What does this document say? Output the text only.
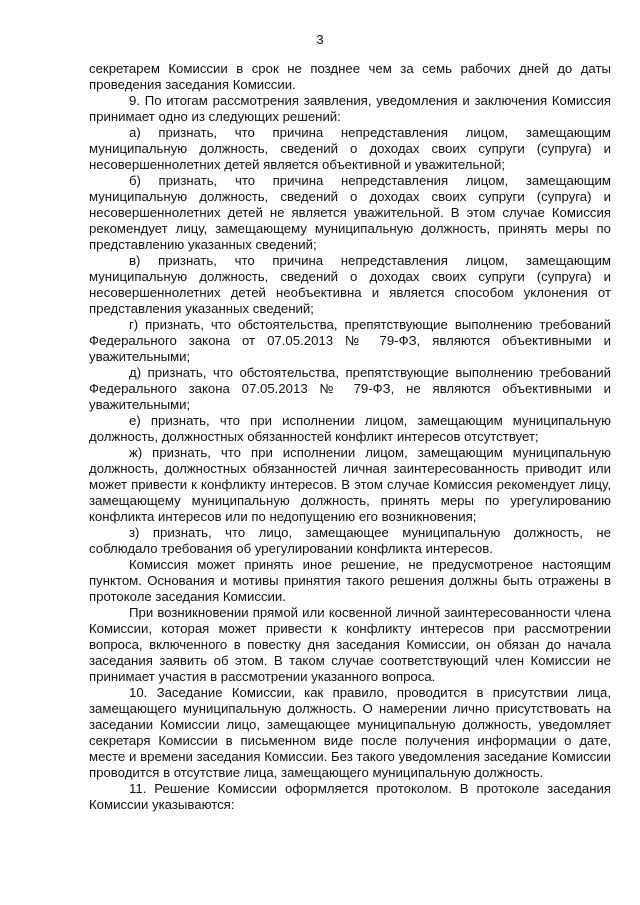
3

секретарем Комиссии в срок не позднее чем за семь рабочих дней до даты проведения заседания Комиссии.

9. По итогам рассмотрения заявления, уведомления и заключения Комиссия принимает одно из следующих решений:

а) признать, что причина непредставления лицом, замещающим муниципальную должность, сведений о доходах своих супруги (супруга) и несовершеннолетних детей является объективной и уважительной;

б) признать, что причина непредставления лицом, замещающим муниципальную должность, сведений о доходах своих супруги (супруга) и несовершеннолетних детей не является уважительной. В этом случае Комиссия рекомендует лицу, замещающему муниципальную должность, принять меры по представлению указанных сведений;

в) признать, что причина непредставления лицом, замещающим муниципальную должность, сведений о доходах своих супруги (супруга) и несовершеннолетних детей необъективна и является способом уклонения от представления указанных сведений;

г) признать, что обстоятельства, препятствующие выполнению требований Федерального закона от 07.05.2013 № 79-ФЗ, являются объективными и уважительными;

д) признать, что обстоятельства, препятствующие выполнению требований Федерального закона 07.05.2013 № 79-ФЗ, не являются объективными и уважительными;

е) признать, что при исполнении лицом, замещающим муниципальную должность, должностных обязанностей конфликт интересов отсутствует;

ж) признать, что при исполнении лицом, замещающим муниципальную должность, должностных обязанностей личная заинтересованность приводит или может привести к конфликту интересов. В этом случае Комиссия рекомендует лицу, замещающему муниципальную должность, принять меры по урегулированию конфликта интересов или по недопущению его возникновения;

з) признать, что лицо, замещающее муниципальную должность, не соблюдало требования об урегулировании конфликта интересов.

Комиссия может принять иное решение, не предусмотреное настоящим пунктом. Основания и мотивы принятия такого решения должны быть отражены в протоколе заседания Комиссии.

При возникновении прямой или косвенной личной заинтересованности члена Комиссии, которая может привести к конфликту интересов при рассмотрении вопроса, включенного в повестку дня заседания Комиссии, он обязан до начала заседания заявить об этом. В таком случае соответствующий член Комиссии не принимает участия в рассмотрении указанного вопроса.

10. Заседание Комиссии, как правило, проводится в присутствии лица, замещающего муниципальную должность. О намерении лично присутствовать на заседании Комиссии лицо, замещающее муниципальную должность, уведомляет секретаря Комиссии в письменном виде после получения информации о дате, месте и времени заседания Комиссии. Без такого уведомления заседание Комиссии проводится в отсутствие лица, замещающего муниципальную должность.

11. Решение Комиссии оформляется протоколом. В протоколе заседания Комиссии указываются:
